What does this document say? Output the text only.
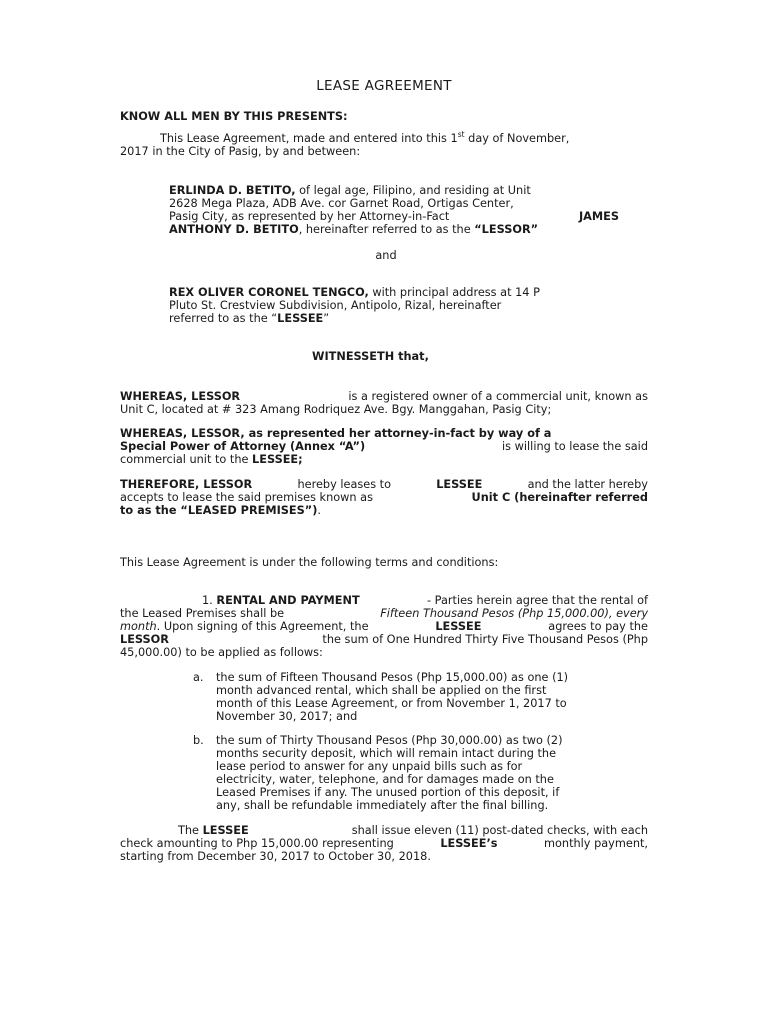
LEASE AGREEMENT
KNOW ALL MEN BY THIS PRESENTS:
This Lease Agreement, made and entered into this 1st day of November,
2017 in the City of Pasig, by and between:
ERLINDA D. BETITO, of legal age, Filipino, and residing at Unit
2628 Mega Plaza, ADB Ave. cor Garnet Road, Ortigas Center,
Pasig City, as represented by her Attorney-in-Fact	JAMES
ANTHONY D. BETITO, hereinafter referred to as the “LESSOR”
and
REX OLIVER CORONEL TENGCO, with principal address at 14 P
Pluto St. Crestview Subdivision, Antipolo, Rizal, hereinafter
referred to as the “LESSEE”
WITNESSETH that,
WHEREAS, LESSOR	is a registered owner of a commercial unit, known as
Unit C, located at # 323 Amang Rodriquez Ave. Bgy. Manggahan, Pasig City;
WHEREAS, LESSOR, as represented her attorney-in-fact by way of a
Special Power of Attorney (Annex “A”)	is willing to lease the said
commercial unit to the LESSEE;
THEREFORE, LESSOR	hereby leases to	LESSEE	and the latter hereby
accepts to lease the said premises known as	Unit C (hereinafter referred
to as the “LEASED PREMISES”).
This Lease Agreement is under the following terms and conditions:
1. RENTAL AND PAYMENT	- Parties herein agree that the rental of
the Leased Premises shall be	Fifteen Thousand Pesos (Php 15,000.00), every
month. Upon signing of this Agreement, the	LESSEE	agrees to pay the
LESSOR	the sum of One Hundred Thirty Five Thousand Pesos (Php
45,000.00) to be applied as follows:
a. the sum of Fifteen Thousand Pesos (Php 15,000.00) as one (1)
month advanced rental, which shall be applied on the first
month of this Lease Agreement, or from November 1, 2017 to
November 30, 2017; and
b. the sum of Thirty Thousand Pesos (Php 30,000.00) as two (2)
months security deposit, which will remain intact during the
lease period to answer for any unpaid bills such as for
electricity, water, telephone, and for damages made on the
Leased Premises if any. The unused portion of this deposit, if
any, shall be refundable immediately after the final billing.
The LESSEE	shall issue eleven (11) post-dated checks, with each
check amounting to Php 15,000.00 representing	LESSEE’s	monthly payment,
starting from December 30, 2017 to October 30, 2018.
